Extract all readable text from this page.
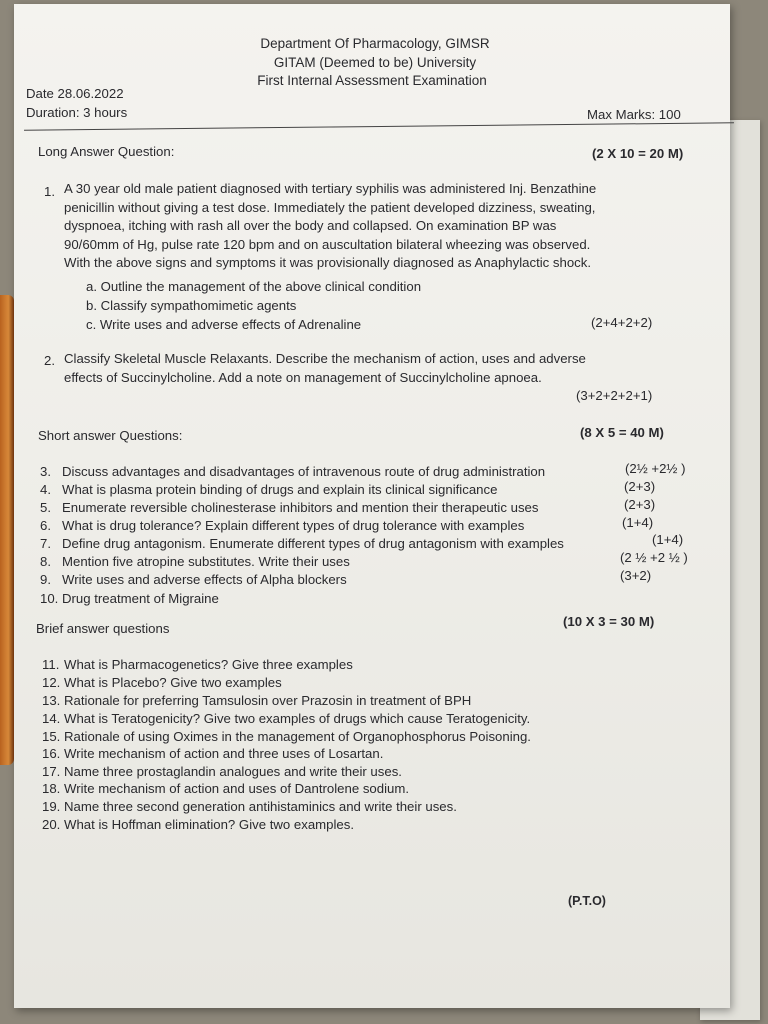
Department Of Pharmacology, GIMSR
GITAM (Deemed to be) University
First Internal Assessment Examination
Date 28.06.2022
Duration: 3 hours	Max Marks: 100
Long Answer Question:	(2 X 10 = 20 M)
1. A 30 year old male patient diagnosed with tertiary syphilis was administered Inj. Benzathine
penicillin without giving a test dose. Immediately the patient developed dizziness, sweating,
dyspnoea, itching with rash all over the body and collapsed. On examination BP was
90/60mm of Hg, pulse rate 120 bpm and on auscultation bilateral wheezing was observed.
With the above signs and symptoms it was provisionally diagnosed as Anaphylactic shock.
a. Outline the management of the above clinical condition
b. Classify sympathomimetic agents
c. Write uses and adverse effects of Adrenaline	(2+4+2+2)
2. Classify Skeletal Muscle Relaxants. Describe the mechanism of action, uses and adverse
effects of Succinylcholine. Add a note on management of Succinylcholine apnoea.
(3+2+2+2+1)
Short answer Questions:	(8 X 5 = 40 M)
3. Discuss advantages and disadvantages of intravenous route of drug administration	(2½ +2½ )
4. What is plasma protein binding of drugs and explain its clinical significance	(2+3)
5. Enumerate reversible cholinesterase inhibitors and mention their therapeutic uses	(2+3)
6. What is drug tolerance? Explain different types of drug tolerance with examples	(1+4)
7. Define drug antagonism. Enumerate different types of drug antagonism with examples	(1+4)
8. Mention five atropine substitutes. Write their uses	(2 ½ +2 ½ )
9. Write uses and adverse effects of Alpha blockers	(3+2)
10. Drug treatment of Migraine
Brief answer questions	(10 X 3 = 30 M)
11. What is Pharmacogenetics? Give three examples
12. What is Placebo? Give two examples
13. Rationale for preferring Tamsulosin over Prazosin in treatment of BPH
14. What is Teratogenicity? Give two examples of drugs which cause Teratogenicity.
15. Rationale of using Oximes in the management of Organophosphorus Poisoning.
16. Write mechanism of action and three uses of Losartan.
17. Name three prostaglandin analogues and write their uses.
18. Write mechanism of action and uses of Dantrolene sodium.
19. Name three second generation antihistaminics and write their uses.
20. What is Hoffman elimination? Give two examples.
(P.T.O)
